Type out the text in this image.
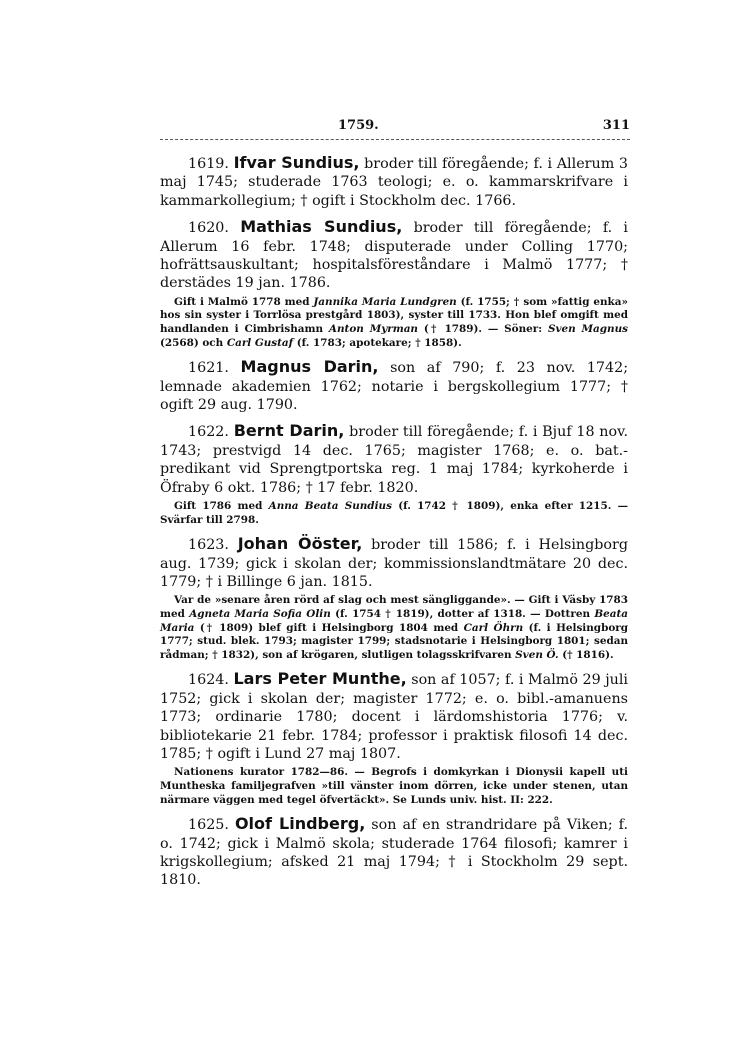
1759.	311

1619. Ifvar Sundius, broder till föregående; f. i Allerum 3 maj 1745; studerade 1763 teologi; e. o. kammarskrifvare i kammarkollegium; † ogift i Stockholm dec. 1766.

1620. Mathias Sundius, broder till föregående; f. i Allerum 16 febr. 1748; disputerade under Colling 1770; hofrättsauskultant; hospitalsföreståndare i Malmö 1777; † derstädes 19 jan. 1786.

Gift i Malmö 1778 med Jannika Maria Lundgren (f. 1755; † som »fattig enka» hos sin syster i Torrlösa prestgård 1803), syster till 1733. Hon blef omgift med handlanden i Cimbrishamn Anton Myrman († 1789). — Söner: Sven Magnus (2568) och Carl Gustaf (f. 1783; apotekare; † 1858).

1621. Magnus Darin, son af 790; f. 23 nov. 1742; lemnade akademien 1762; notarie i bergskollegium 1777; † ogift 29 aug. 1790.

1622. Bernt Darin, broder till föregående; f. i Bjuf 18 nov. 1743; prestvigd 14 dec. 1765; magister 1768; e. o. bat.-predikant vid Sprengtportska reg. 1 maj 1784; kyrkoherde i Öfraby 6 okt. 1786; † 17 febr. 1820.

Gift 1786 med Anna Beata Sundius (f. 1742 † 1809), enka efter 1215. — Svärfar till 2798.

1623. Johan Ööster, broder till 1586; f. i Helsingborg aug. 1739; gick i skolan der; kommissionslandtmätare 20 dec. 1779; † i Billinge 6 jan. 1815.

Var de »senare åren rörd af slag och mest sängliggande». — Gift i Väsby 1783 med Agneta Maria Sofia Olin (f. 1754 † 1819), dotter af 1318. — Dottren Beata Maria († 1809) blef gift i Helsingborg 1804 med Carl Öhrn (f. i Helsingborg 1777; stud. blek. 1793; magister 1799; stadsnotarie i Helsingborg 1801; sedan rådman; † 1832), son af krögaren, slutligen tolagsskrifvaren Sven Ö. († 1816).

1624. Lars Peter Munthe, son af 1057; f. i Malmö 29 juli 1752; gick i skolan der; magister 1772; e. o. bibl.-amanuens 1773; ordinarie 1780; docent i lärdomshistoria 1776; v. bibliotekarie 21 febr. 1784; professor i praktisk filosofi 14 dec. 1785; † ogift i Lund 27 maj 1807.

Nationens kurator 1782—86. — Begrofs i domkyrkan i Dionysii kapell uti Muntheska familjegrafven »till vänster inom dörren, icke under stenen, utan närmare väggen med tegel öfvertäckt». Se Lunds univ. hist. II: 222.

1625. Olof Lindberg, son af en strandridare på Viken; f. o. 1742; gick i Malmö skola; studerade 1764 filosofi; kamrer i krigskollegium; afsked 21 maj 1794; † i Stockholm 29 sept. 1810.
